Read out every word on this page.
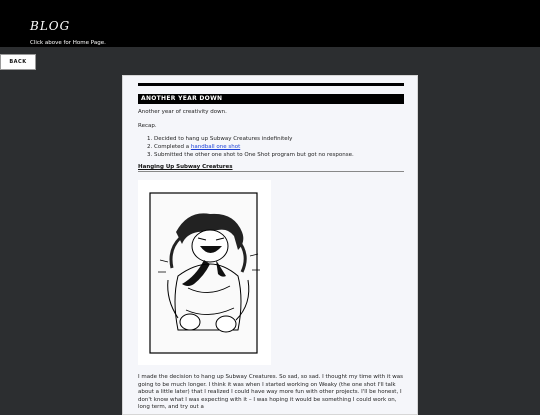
BLOG
Click above for Home Page.
BACK
ANOTHER YEAR DOWN
Another year of creativity down.
Recap.
1. Decided to hang up Subway Creatures indefinitely
2. Completed a handball one shot
3. Submitted the other one shot to One Shot program but got no response.
Hanging Up Subway Creatures
I made the decision to hang up Subway Creatures. So sad, so sad. I thought my time with it was going to be much longer. I think it was when I started working on Weaky (the one shot I'll talk about a little later) that I realized I could have way more fun with other projects. I'll be honest, I don't know what I was expecting with it – I was hoping it would be something I could work on, long term, and try out a
